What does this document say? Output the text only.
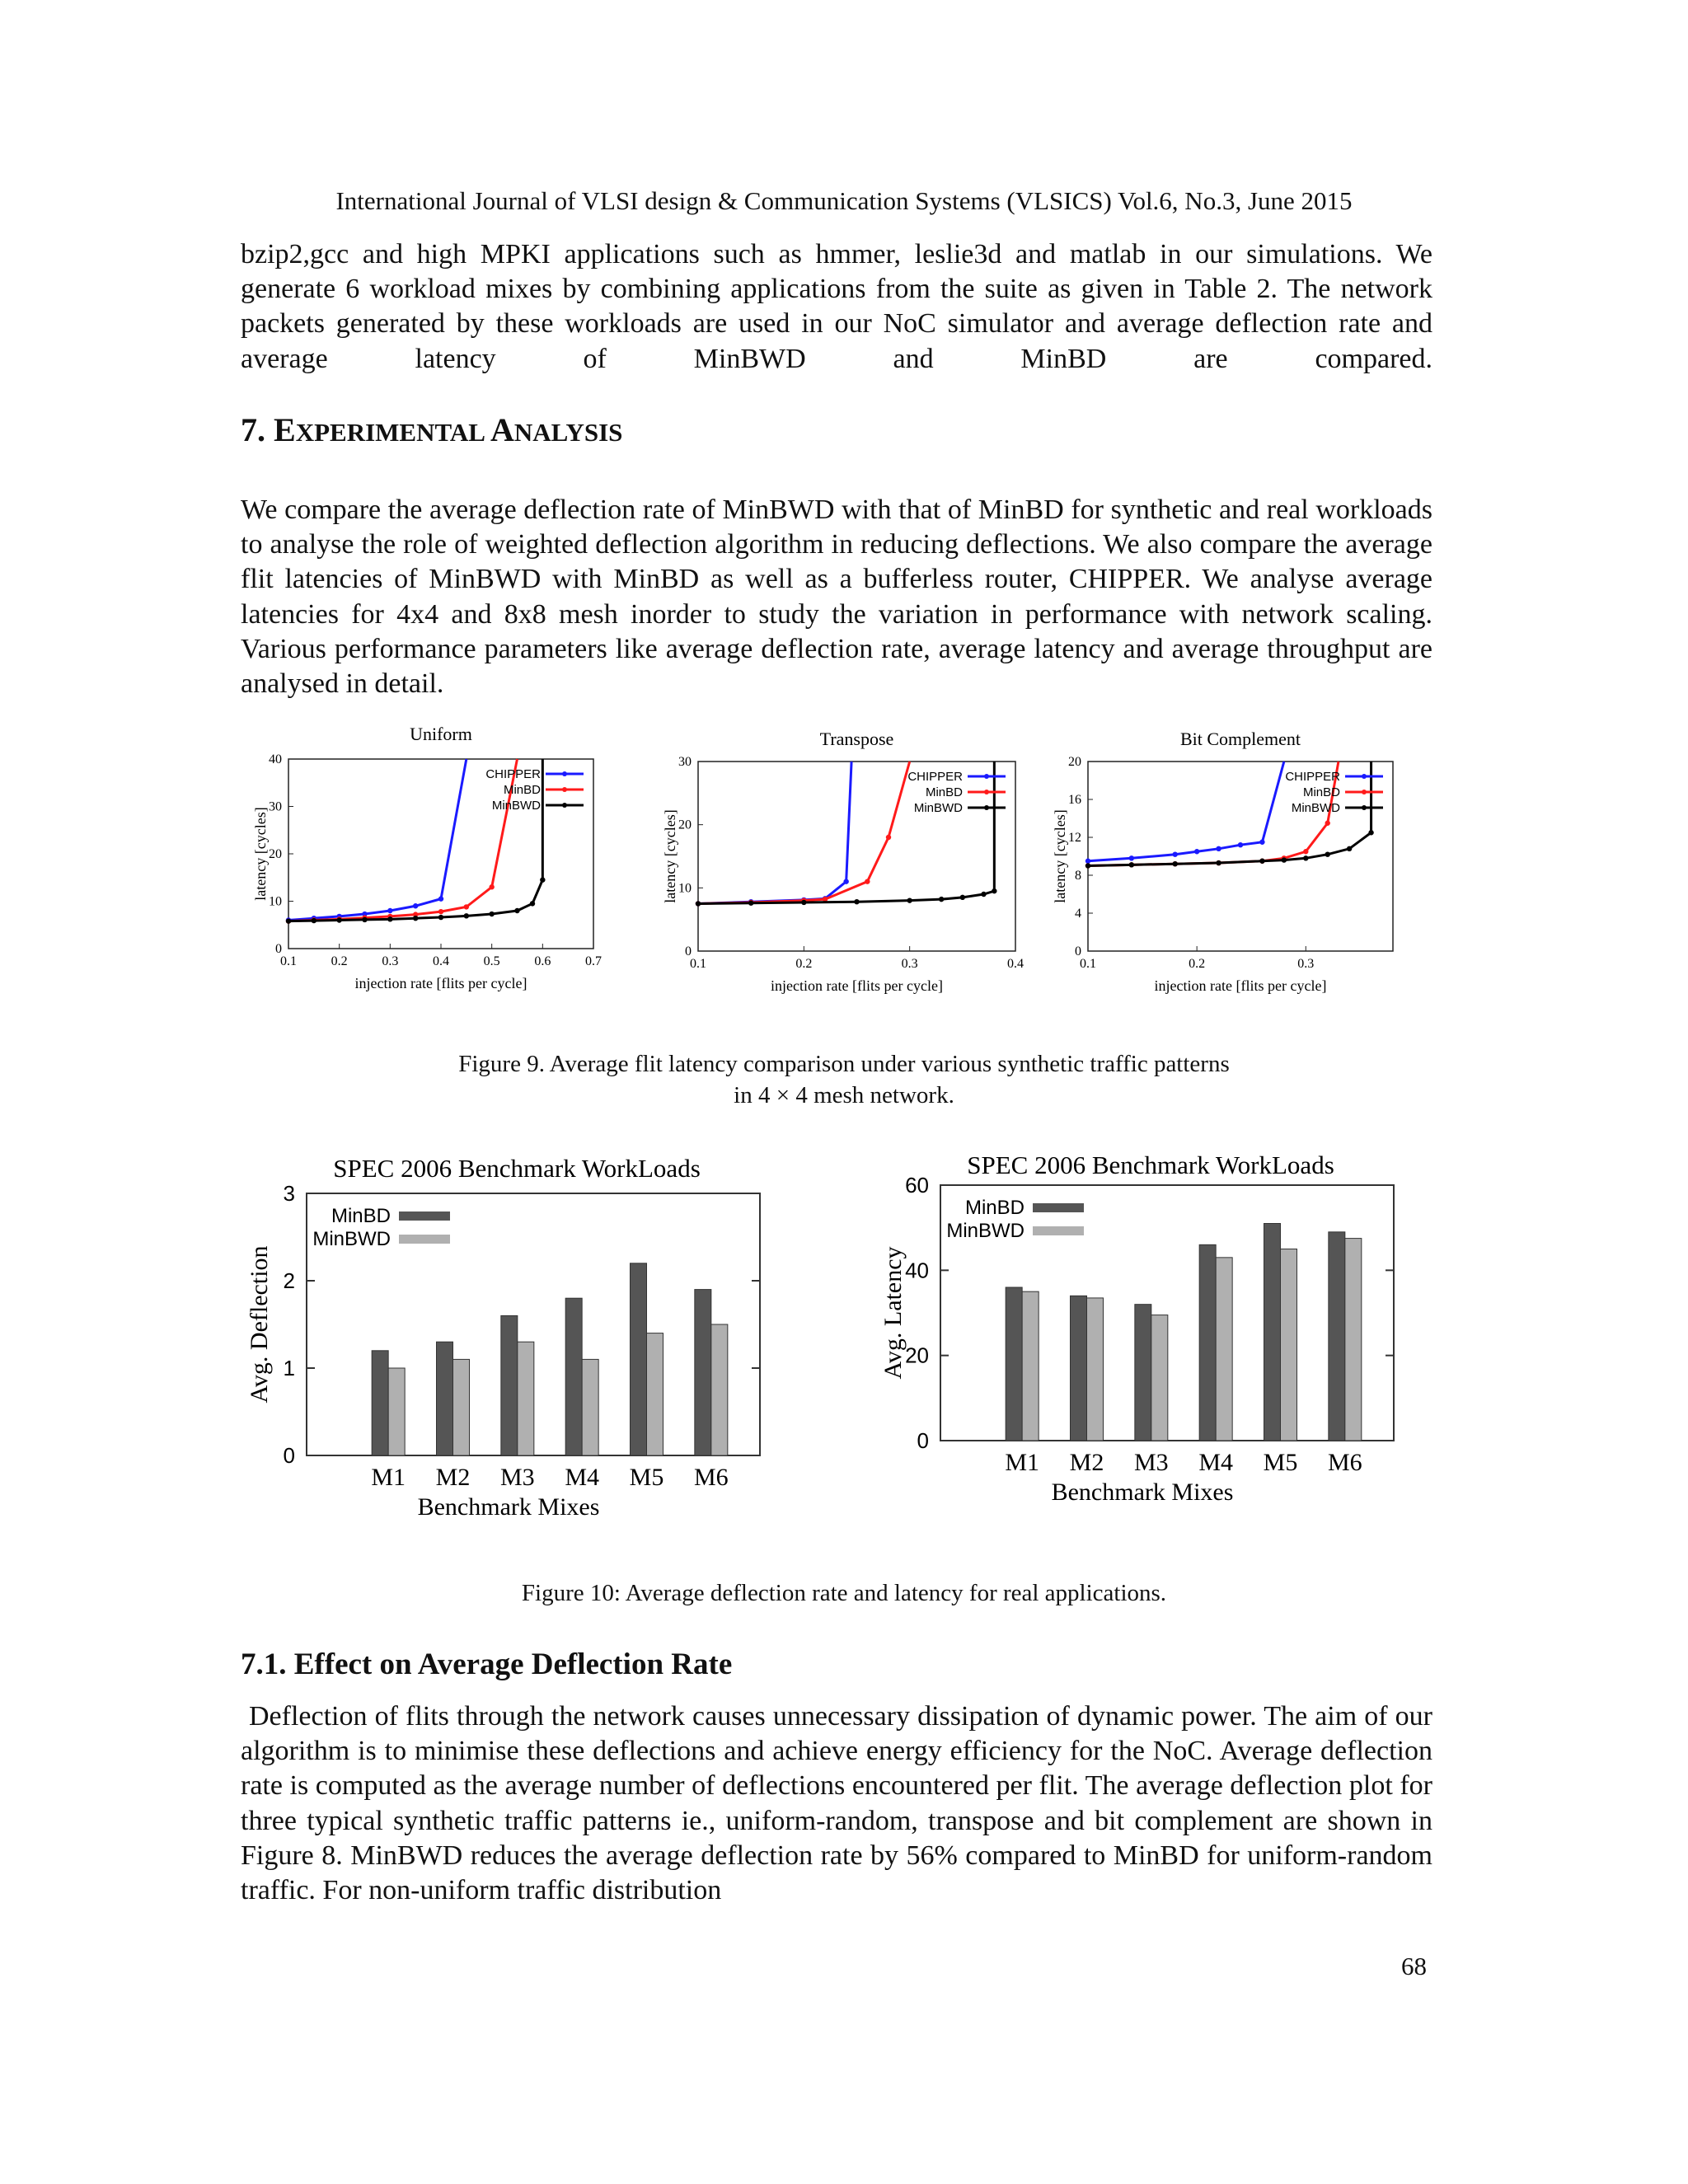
International Journal of VLSI design & Communication Systems (VLSICS) Vol.6, No.3, June 2015
bzip2,gcc and high MPKI applications such as hmmer, leslie3d and matlab in our simulations. We generate 6 workload mixes by combining applications from the suite as given in Table 2. The network packets generated by these workloads are used in our NoC simulator and average deflection rate and average latency of MinBWD and MinBD are compared.
7. EXPERIMENTAL ANALYSIS
We compare the average deflection rate of MinBWD with that of MinBD for synthetic and real workloads to analyse the role of weighted deflection algorithm in reducing deflections. We also compare the average flit latencies of MinBWD with MinBD as well as a bufferless router, CHIPPER. We analyse average latencies for 4x4 and 8x8 mesh inorder to study the variation in performance with network scaling. Various performance parameters like average deflection rate, average latency and average throughput are analysed in detail.
Uniform
0.1	0.2	0.3	0.4	0.5	0.6	0.7
0
10
20
30
40
injection rate [flits per cycle]
latency [cycles]
CHIPPER
MinBD
MinBWD
Transpose
0.1	0.2	0.3	0.4
0
10
20
30
injection rate [flits per cycle]
latency [cycles]
CHIPPER
MinBD
MinBWD
Bit Complement
0.1	0.2	0.3
0
4
8
12
16
20
injection rate [flits per cycle]
latency [cycles]
CHIPPER
MinBD
MinBWD
Figure 9. Average flit latency comparison under various synthetic traffic patterns
in 4 × 4 mesh network.
SPEC 2006 Benchmark WorkLoads
0
1
2
3
Avg. Deflection
M1 M2 M3 M4 M5 M6
Benchmark Mixes
MinBD
MinBWD
SPEC 2006 Benchmark WorkLoads
0
20
40
60
Avg. Latency
M1 M2 M3 M4 M5 M6
Benchmark Mixes
MinBD
MinBWD
Figure 10: Average deflection rate and latency for real applications.
7.1. Effect on Average Deflection Rate
Deflection of flits through the network causes unnecessary dissipation of dynamic power. The aim of our algorithm is to minimise these deflections and achieve energy efficiency for the NoC. Average deflection rate is computed as the average number of deflections encountered per flit. The average deflection plot for three typical synthetic traffic patterns ie., uniform-random, transpose and bit complement are shown in Figure 8. MinBWD reduces the average deflection rate by 56% compared to MinBD for uniform-random traffic. For non-uniform traffic distribution
68
